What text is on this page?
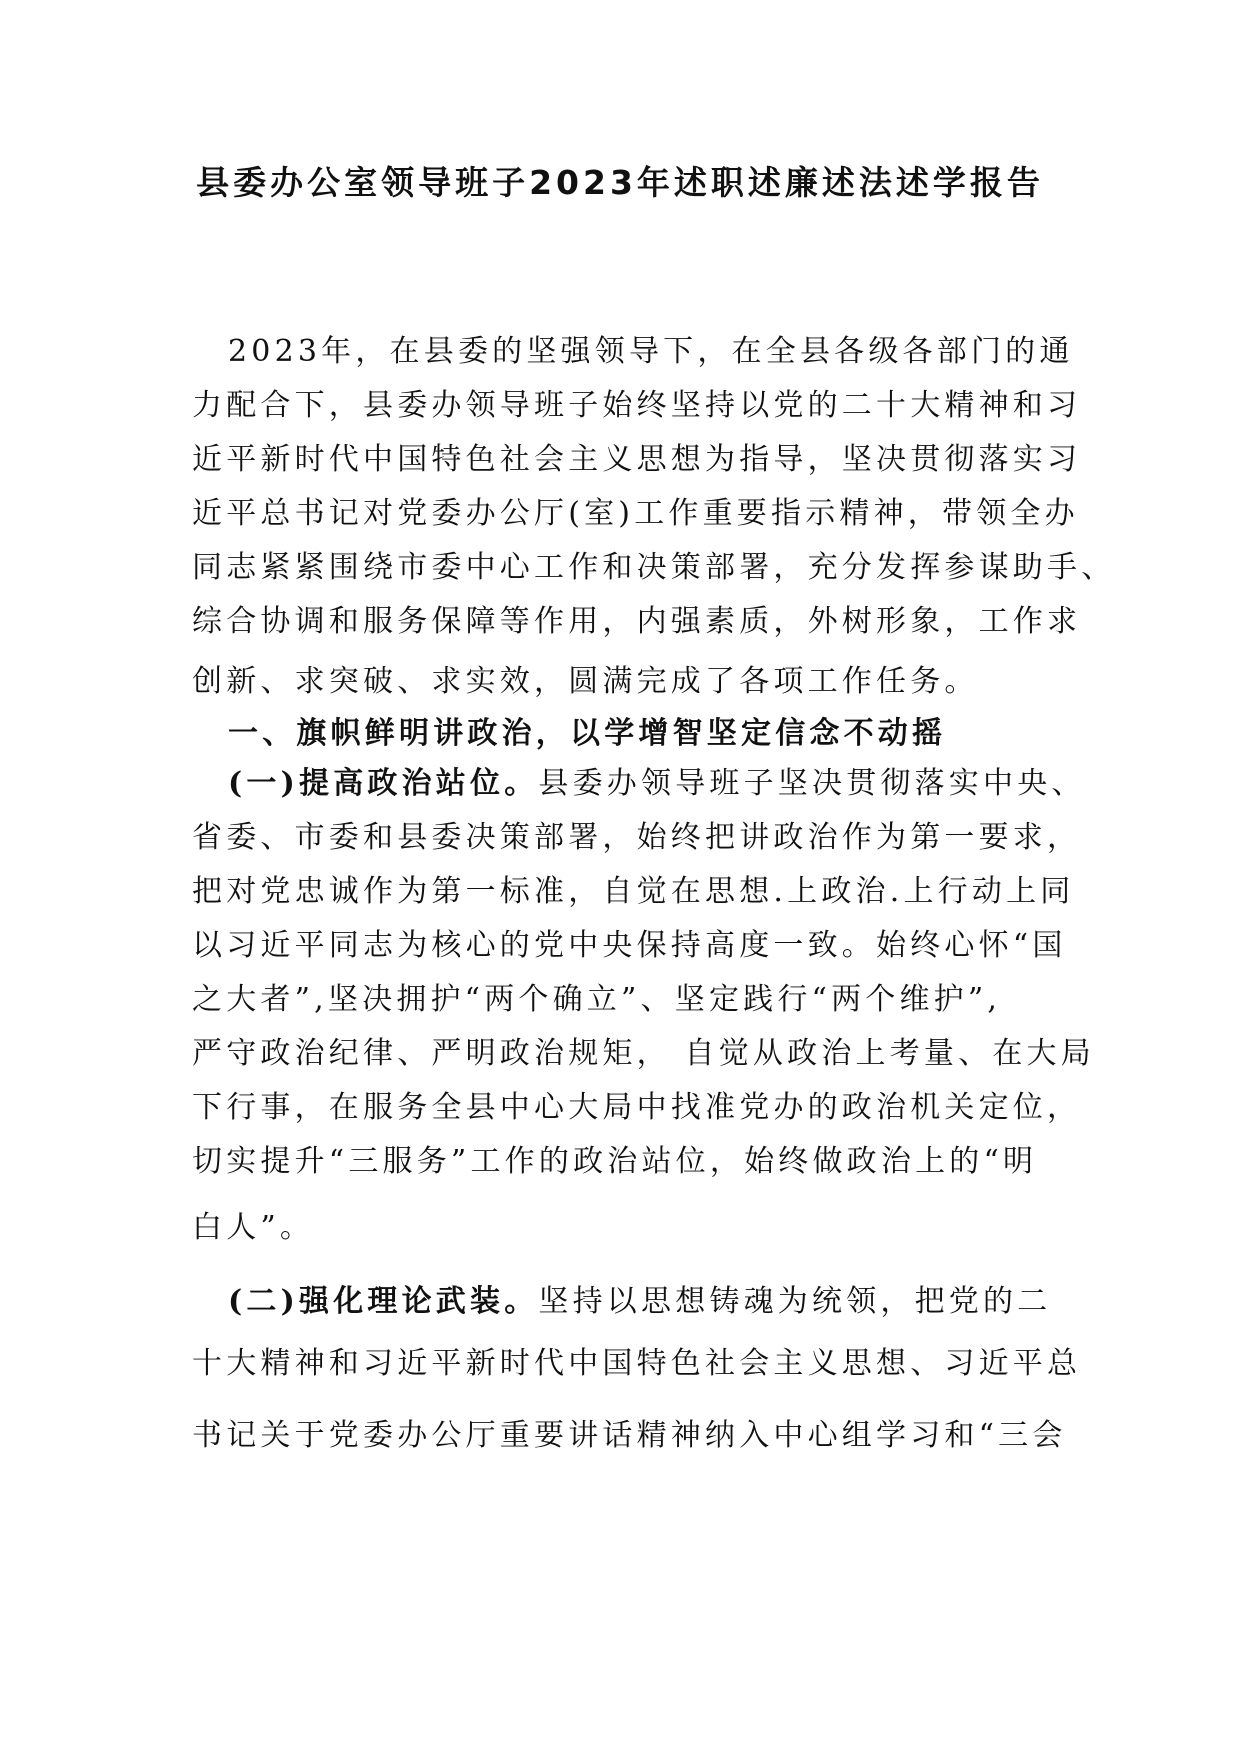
县委办公室领导班子2023年述职述廉述法述学报告
2023年，在县委的坚强领导下，在全县各级各部门的通
力配合下，县委办领导班子始终坚持以党的二十大精神和习
近平新时代中国特色社会主义思想为指导，坚决贯彻落实习
近平总书记对党委办公厅(室)工作重要指示精神，带领全办
同志紧紧围绕市委中心工作和决策部署，充分发挥参谋助手、
综合协调和服务保障等作用，内强素质，外树形象，工作求
创新、求突破、求实效，圆满完成了各项工作任务。
一、旗帜鲜明讲政治，以学增智坚定信念不动摇
(一)提高政治站位。县委办领导班子坚决贯彻落实中央、
省委、市委和县委决策部署，始终把讲政治作为第一要求，
把对党忠诚作为第一标准，自觉在思想.上政治.上行动上同
以习近平同志为核心的党中央保持高度一致。始终心怀“国
之大者”,坚决拥护“两个确立”、坚定践行“两个维护”,
严守政治纪律、严明政治规矩， 自觉从政治上考量、在大局
下行事，在服务全县中心大局中找准党办的政治机关定位，
切实提升“三服务”工作的政治站位，始终做政治上的“明
白人”。
(二)强化理论武装。坚持以思想铸魂为统领，把党的二
十大精神和习近平新时代中国特色社会主义思想、习近平总
书记关于党委办公厅重要讲话精神纳入中心组学习和“三会
